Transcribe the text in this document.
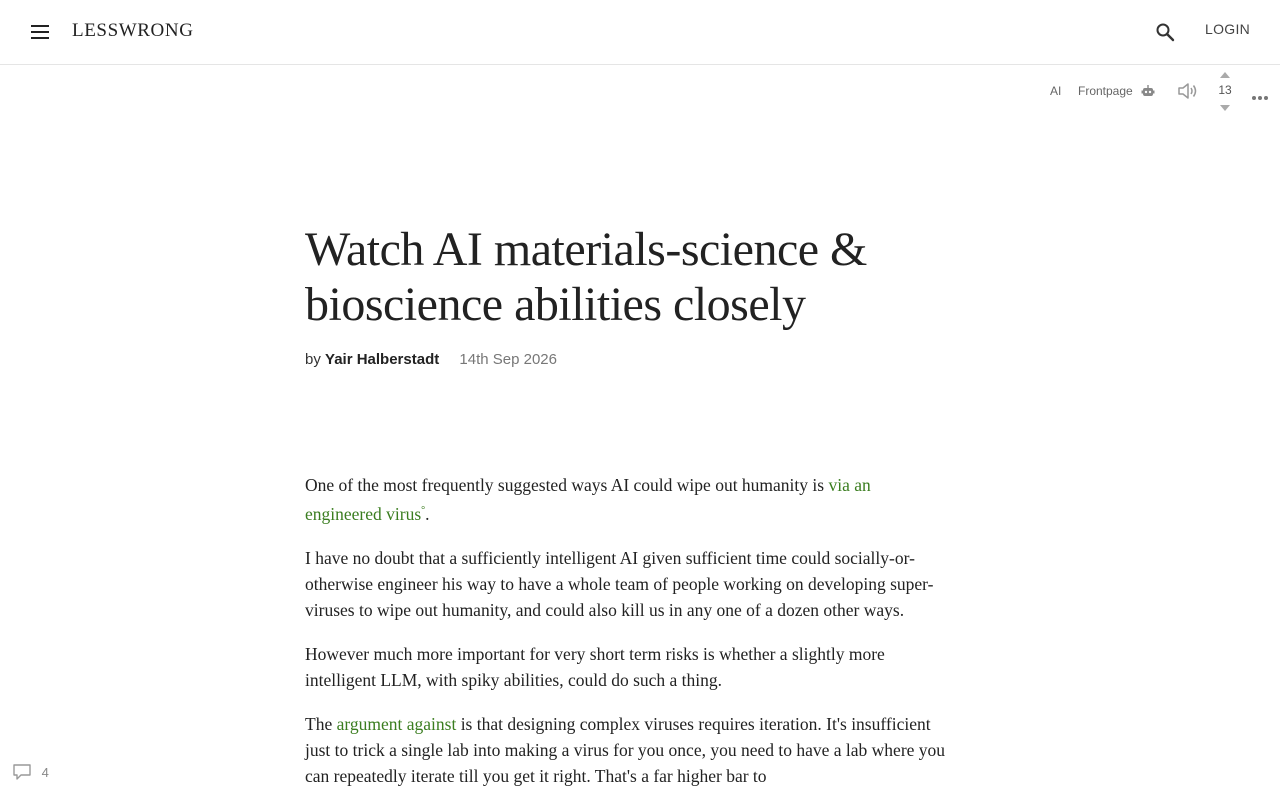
LESSWRONG	LOGIN
AI Frontpage	13
Watch AI materials-science & bioscience abilities closely
by Yair Halberstadt 14th Sep 2026

One of the most frequently suggested ways AI could wipe out humanity is via an engineered virus°.

I have no doubt that a sufficiently intelligent AI given sufficient time could socially-or-otherwise engineer his way to have a whole team of people working on developing super-viruses to wipe out humanity, and could also kill us in any one of a dozen other ways.

However much more important for very short term risks is whether a slightly more intelligent LLM, with spiky abilities, could do such a thing.

The argument against is that designing complex viruses requires iteration. It's insufficient just to trick a single lab into making a virus for you once, you need to have a lab where you can repeatedly iterate till you get it right. That's a far higher bar to

4
